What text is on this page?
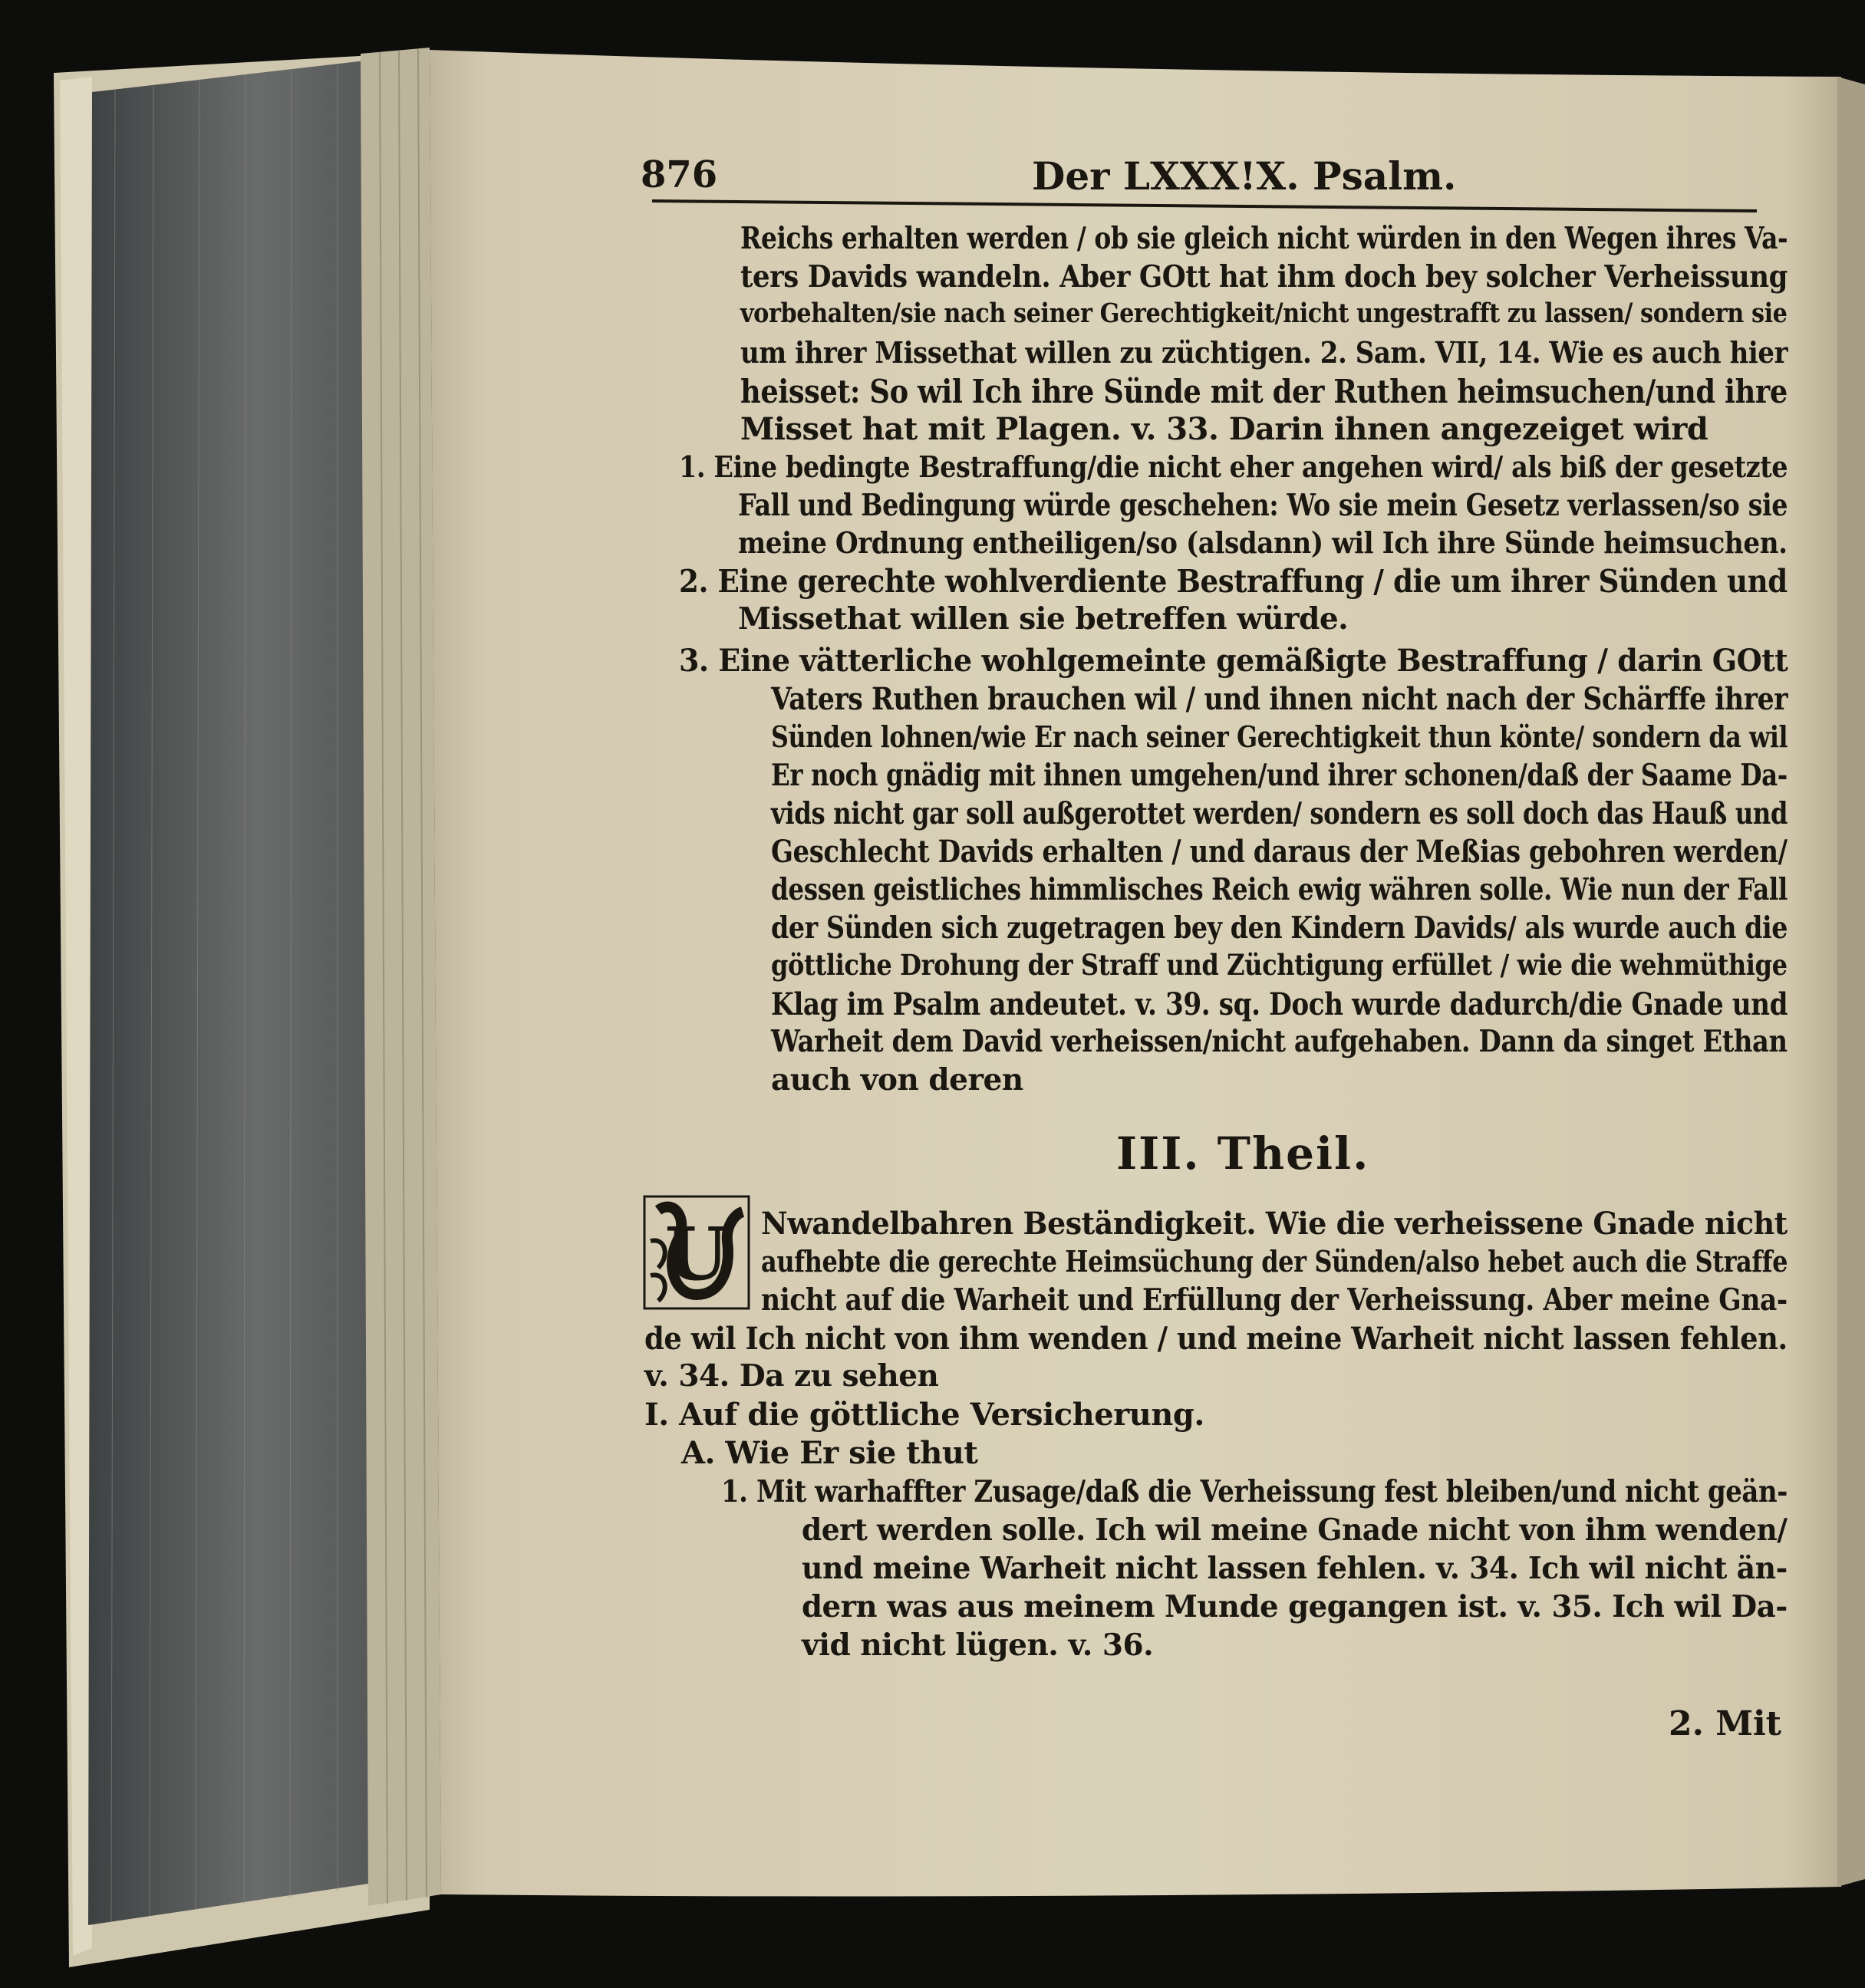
876	Der LXXX!X. Psalm.
Reichs erhalten werden / ob sie gleich nicht würden in den Wegen ihres Va-
ters Davids wandeln. Aber GOtt hat ihm doch bey solcher Verheissung
vorbehalten/sie nach seiner Gerechtigkeit/nicht ungestrafft zu lassen/ sondern sie
um ihrer Missethat willen zu züchtigen. 2. Sam. VII, 14. Wie es auch hier
heisset: So wil Ich ihre Sünde mit der Ruthen heimsuchen/und ihre
Misset hat mit Plagen. v. 33. Darin ihnen angezeiget wird
1. Eine bedingte Bestraffung/die nicht eher angehen wird/ als biß der gesetzte
Fall und Bedingung würde geschehen: Wo sie mein Gesetz verlassen/so sie
meine Ordnung entheiligen/so (alsdann) wil Ich ihre Sünde heimsuchen.
2. Eine gerechte wohlverdiente Bestraffung / die um ihrer Sünden und
Missethat willen sie betreffen würde.
3. Eine vätterliche wohlgemeinte gemäßigte Bestraffung / darin GOtt
Vaters Ruthen brauchen wil / und ihnen nicht nach der Schärffe ihrer
Sünden lohnen/wie Er nach seiner Gerechtigkeit thun könte/ sondern da wil
Er noch gnädig mit ihnen umgehen/und ihrer schonen/daß der Saame Da-
vids nicht gar soll außgerottet werden/ sondern es soll doch das Hauß und
Geschlecht Davids erhalten / und daraus der Meßias gebohren werden/
dessen geistliches himmlisches Reich ewig währen solle. Wie nun der Fall
der Sünden sich zugetragen bey den Kindern Davids/ als wurde auch die
göttliche Drohung der Straff und Züchtigung erfüllet / wie die wehmüthige
Klag im Psalm andeutet. v. 39. sq. Doch wurde dadurch/die Gnade und
Warheit dem David verheissen/nicht aufgehaben. Dann da singet Ethan
auch von deren
III. Theil.
U Nwandelbahren Beständigkeit. Wie die verheissene Gnade nicht
aufhebte die gerechte Heimsüchung der Sünden/also hebet auch die Straffe
nicht auf die Warheit und Erfüllung der Verheissung. Aber meine Gna-
de wil Ich nicht von ihm wenden / und meine Warheit nicht lassen fehlen.
v. 34. Da zu sehen
I. Auf die göttliche Versicherung.
A. Wie Er sie thut
1. Mit warhaffter Zusage/daß die Verheissung fest bleiben/und nicht geän-
dert werden solle. Ich wil meine Gnade nicht von ihm wenden/
und meine Warheit nicht lassen fehlen. v. 34. Ich wil nicht än-
dern was aus meinem Munde gegangen ist. v. 35. Ich wil Da-
vid nicht lügen. v. 36.
2. Mit
